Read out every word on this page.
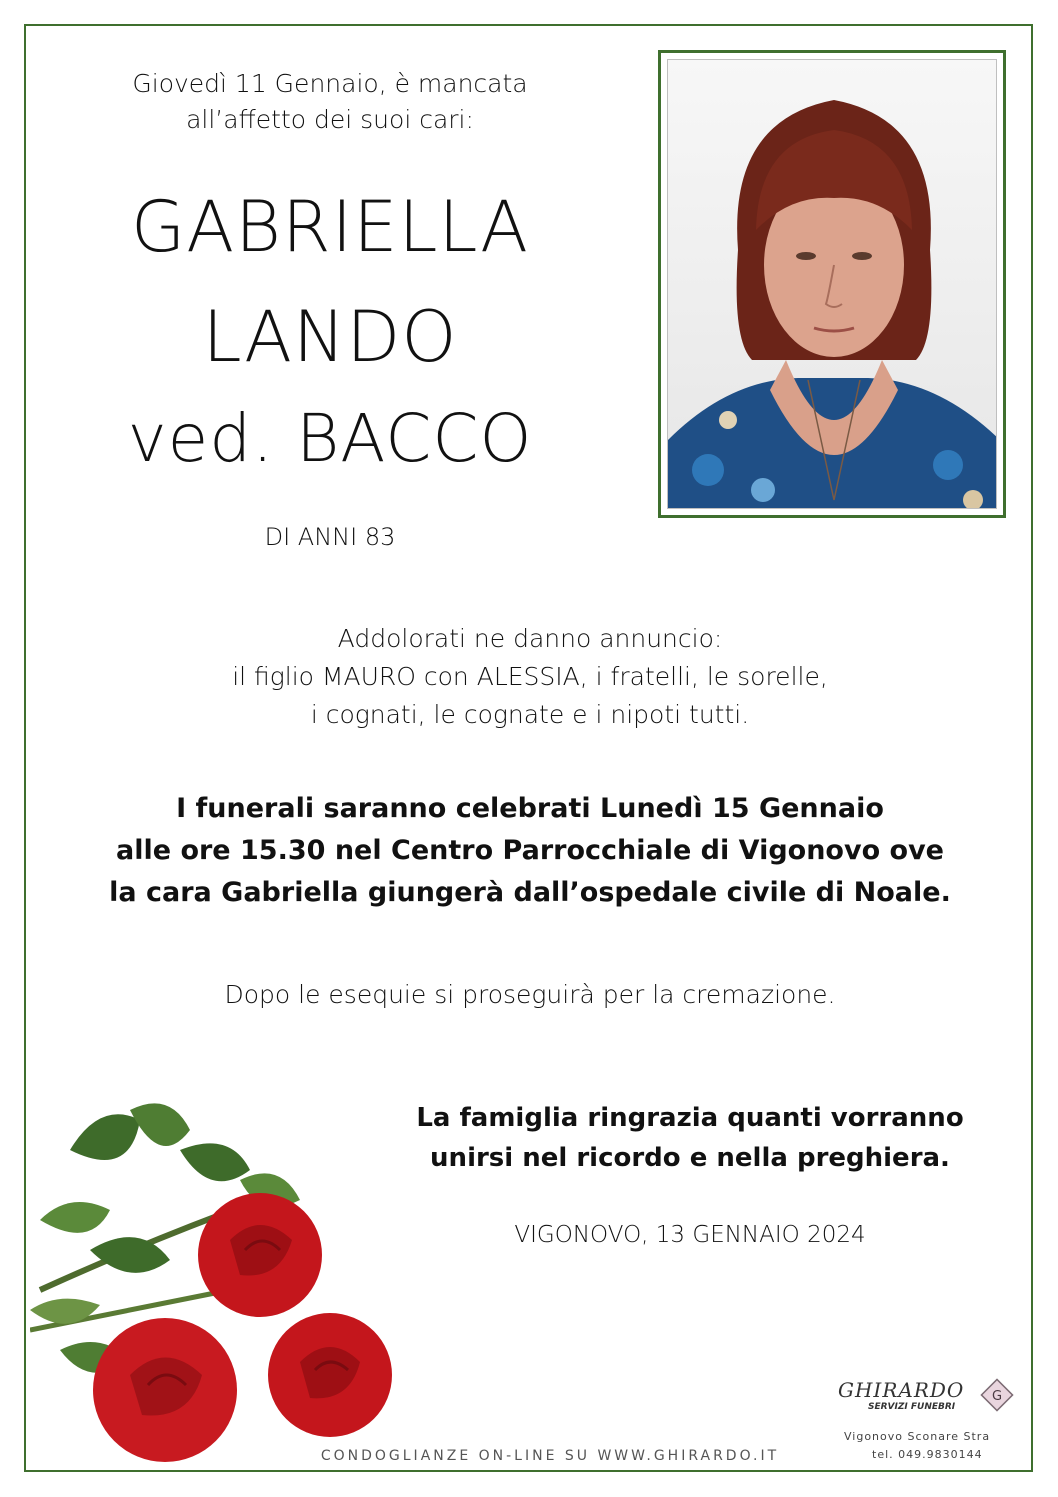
Giovedì 11 Gennaio, è mancata
all’affetto dei suoi cari:
GABRIELLA
LANDO
ved. BACCO
DI ANNI 83
Addolorati ne danno annuncio:
il figlio MAURO con ALESSIA, i fratelli, le sorelle,
i cognati, le cognate e i nipoti tutti.
I funerali saranno celebrati Lunedì 15 Gennaio
alle ore 15.30 nel Centro Parrocchiale di Vigonovo ove
la cara Gabriella giungerà dall’ospedale civile di Noale.
Dopo le esequie si proseguirà per la cremazione.
La famiglia ringrazia quanti vorranno
unirsi nel ricordo e nella preghiera.
VIGONOVO, 13 GENNAIO 2024
CONDOGLIANZE ON-LINE SU WWW.GHIRARDO.IT
GHIRARDO
SERVIZI FUNEBRI
G
Vigonovo Sconare Stra
tel. 049.9830144
